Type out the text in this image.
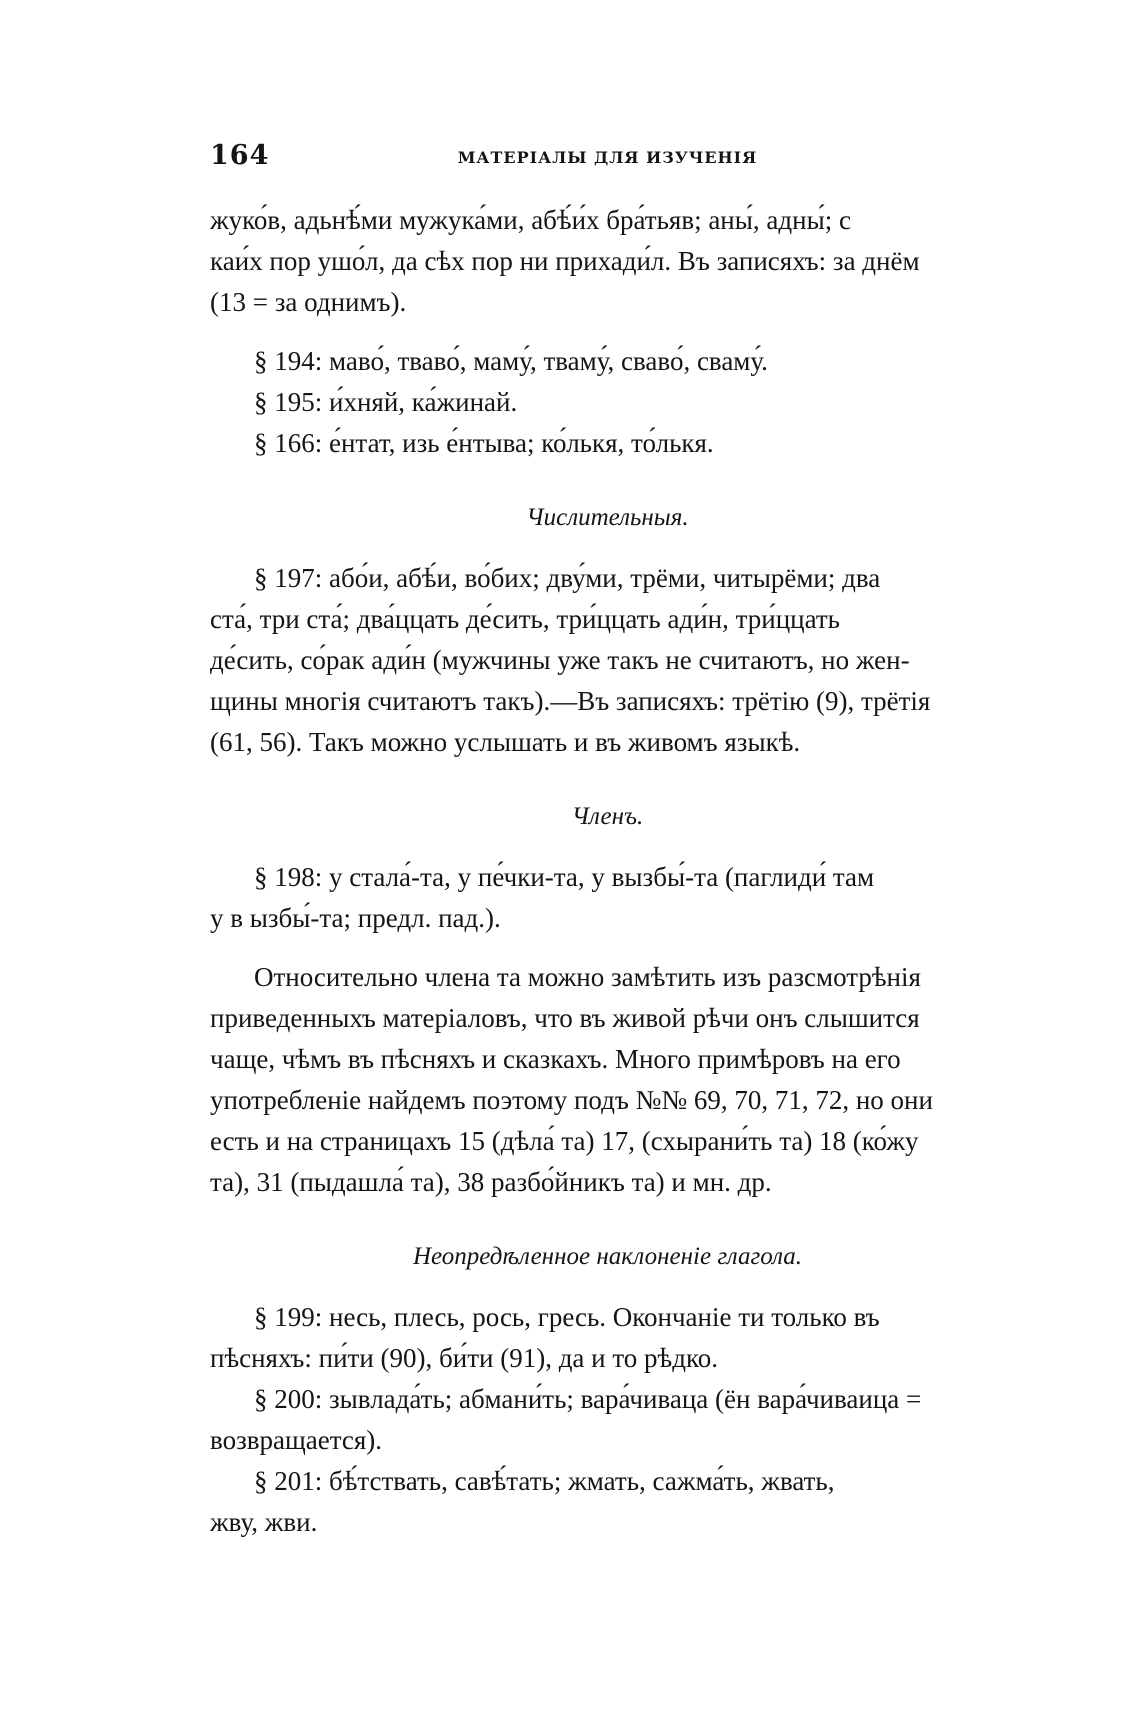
164	МАТЕРІАЛЫ ДЛЯ ИЗУЧЕНІЯ

жуко́в, адьнѣ́ми мужука́ми, абѣ́и́х бра́тьяв; аны́, адны́; с
каи́х пор ушо́л, да сѣх пор ни прихади́л. Въ записяхъ: за днём
(13 = за однимъ).

§ 194: маво́, тваво́, маму́, тваму́, сваво́, сваму́.

§ 195: и́хняй, ка́жинай.

§ 166: е́нтат, изь е́нтыва; ко́лькя, то́лькя.

Числительныя.

§ 197: або́и, абѣ́и, во́бих; дву́ми, трёми, читырёми; два
ста́, три ста́; два́ццать де́сить, три́ццать ади́н, три́ццать
де́сить, со́рак ади́н (мужчины уже такъ не считаютъ, но жен-
щины многія считаютъ такъ).—Въ записяхъ: трётію (9), трётія
(61, 56). Такъ можно услышать и въ живомъ языкѣ.

Членъ.

§ 198: у стала́-та, у пе́чки-та, у вызбы́-та (паглиди́ там
у в ызбы́-та; предл. пад.).

Относительно члена та можно замѣтить изъ разсмотрѣнія
приведенныхъ матеріаловъ, что въ живой рѣчи онъ слышится
чаще, чѣмъ въ пѣсняхъ и сказкахъ. Много примѣровъ на его
употребленіе найдемъ поэтому подъ №№ 69, 70, 71, 72, но они
есть и на страницахъ 15 (дѣла́ та) 17, (схырани́ть та) 18 (ко́жу
та), 31 (пыдашла́ та), 38 разбо́йникъ та) и мн. др.

Неопредѣленное наклоненіе глагола.

§ 199: несь, плесь, рось, гресь. Окончаніе ти только въ
пѣсняхъ: пи́ти (90), би́ти (91), да и то рѣдко.

§ 200: зывлада́ть; абмани́ть; вара́чиваца (ён вара́чиваица =
возвращается).

§ 201: бѣ́тствать, савѣ́тать; жмать, сажма́ть, жвать,
жву, жви.
